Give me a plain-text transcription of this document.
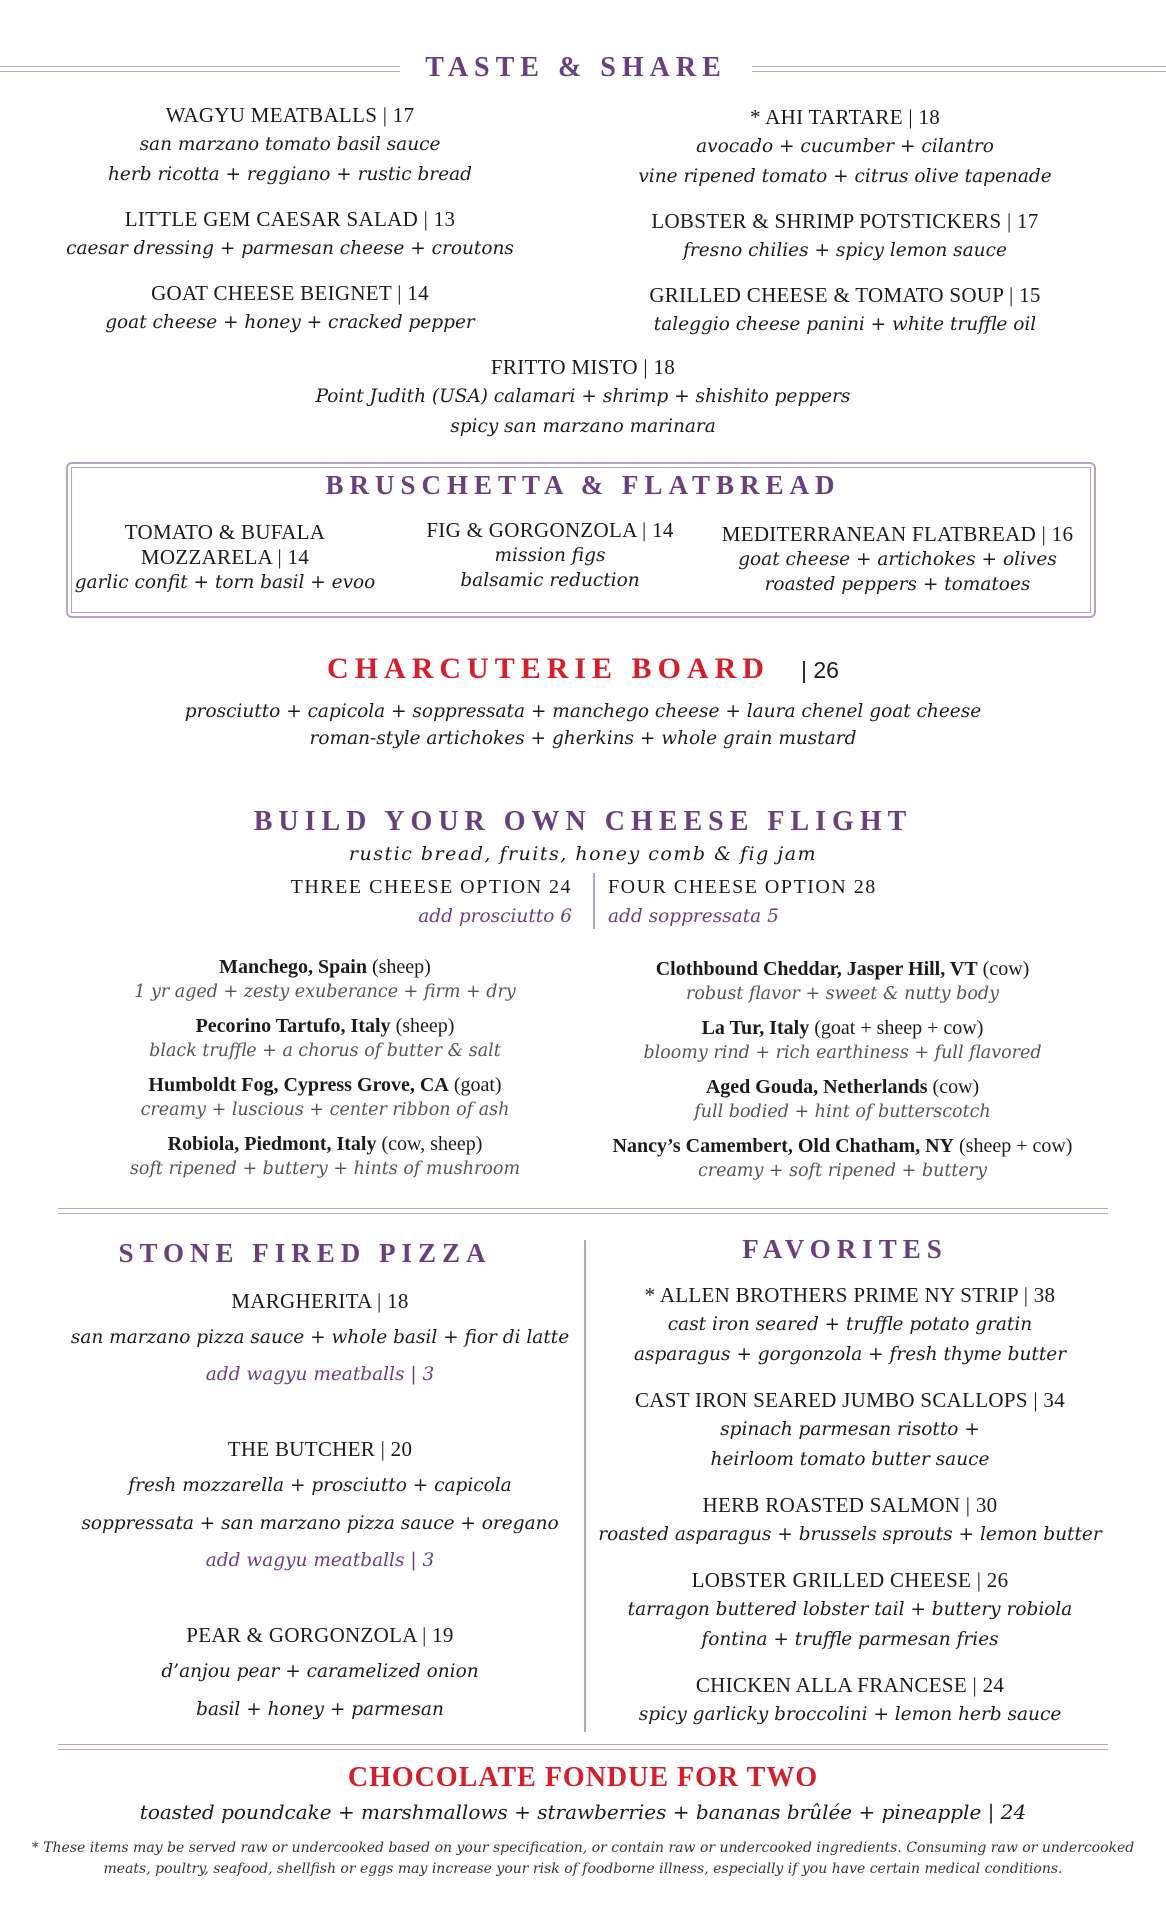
TASTE & SHARE
WAGYU MEATBALLS | 17
san marzano tomato basil sauce
herb ricotta + reggiano + rustic bread
LITTLE GEM CAESAR SALAD | 13
caesar dressing + parmesan cheese + croutons
GOAT CHEESE BEIGNET | 14
goat cheese + honey + cracked pepper
* AHI TARTARE | 18
avocado + cucumber + cilantro
vine ripened tomato + citrus olive tapenade
LOBSTER & SHRIMP POTSTICKERS | 17
fresno chilies + spicy lemon sauce
GRILLED CHEESE & TOMATO SOUP | 15
taleggio cheese panini + white truffle oil
FRITTO MISTO | 18
Point Judith (USA) calamari + shrimp + shishito peppers
spicy san marzano marinara
BRUSCHETTA & FLATBREAD
TOMATO & BUFALA
MOZZARELA | 14
garlic confit + torn basil + evoo
FIG & GORGONZOLA | 14
mission figs
balsamic reduction
MEDITERRANEAN FLATBREAD | 16
goat cheese + artichokes + olives
roasted peppers + tomatoes
CHARCUTERIE BOARD | 26
prosciutto + capicola + soppressata + manchego cheese + laura chenel goat cheese
roman-style artichokes + gherkins + whole grain mustard
BUILD YOUR OWN CHEESE FLIGHT
rustic bread, fruits, honey comb & fig jam
THREE CHEESE OPTION 24
add prosciutto 6
FOUR CHEESE OPTION 28
add soppressata 5
Manchego, Spain (sheep)
1 yr aged + zesty exuberance + firm + dry
Pecorino Tartufo, Italy (sheep)
black truffle + a chorus of butter & salt
Humboldt Fog, Cypress Grove, CA (goat)
creamy + luscious + center ribbon of ash
Robiola, Piedmont, Italy (cow, sheep)
soft ripened + buttery + hints of mushroom
Clothbound Cheddar, Jasper Hill, VT (cow)
robust flavor + sweet & nutty body
La Tur, Italy (goat + sheep + cow)
bloomy rind + rich earthiness + full flavored
Aged Gouda, Netherlands (cow)
full bodied + hint of butterscotch
Nancy’s Camembert, Old Chatham, NY (sheep + cow)
creamy + soft ripened + buttery
STONE FIRED PIZZA
MARGHERITA | 18
san marzano pizza sauce + whole basil + fior di latte
add wagyu meatballs | 3
THE BUTCHER | 20
fresh mozzarella + prosciutto + capicola
soppressata + san marzano pizza sauce + oregano
add wagyu meatballs | 3
PEAR & GORGONZOLA | 19
d’anjou pear + caramelized onion
basil + honey + parmesan
FAVORITES
* ALLEN BROTHERS PRIME NY STRIP | 38
cast iron seared + truffle potato gratin
asparagus + gorgonzola + fresh thyme butter
CAST IRON SEARED JUMBO SCALLOPS | 34
spinach parmesan risotto +
heirloom tomato butter sauce
HERB ROASTED SALMON | 30
roasted asparagus + brussels sprouts + lemon butter
LOBSTER GRILLED CHEESE | 26
tarragon buttered lobster tail + buttery robiola
fontina + truffle parmesan fries
CHICKEN ALLA FRANCESE | 24
spicy garlicky broccolini + lemon herb sauce
CHOCOLATE FONDUE FOR TWO
toasted poundcake + marshmallows + strawberries + bananas brûlée + pineapple | 24
* These items may be served raw or undercooked based on your specification, or contain raw or undercooked ingredients. Consuming raw or undercooked meats, poultry, seafood, shellfish or eggs may increase your risk of foodborne illness, especially if you have certain medical conditions.
